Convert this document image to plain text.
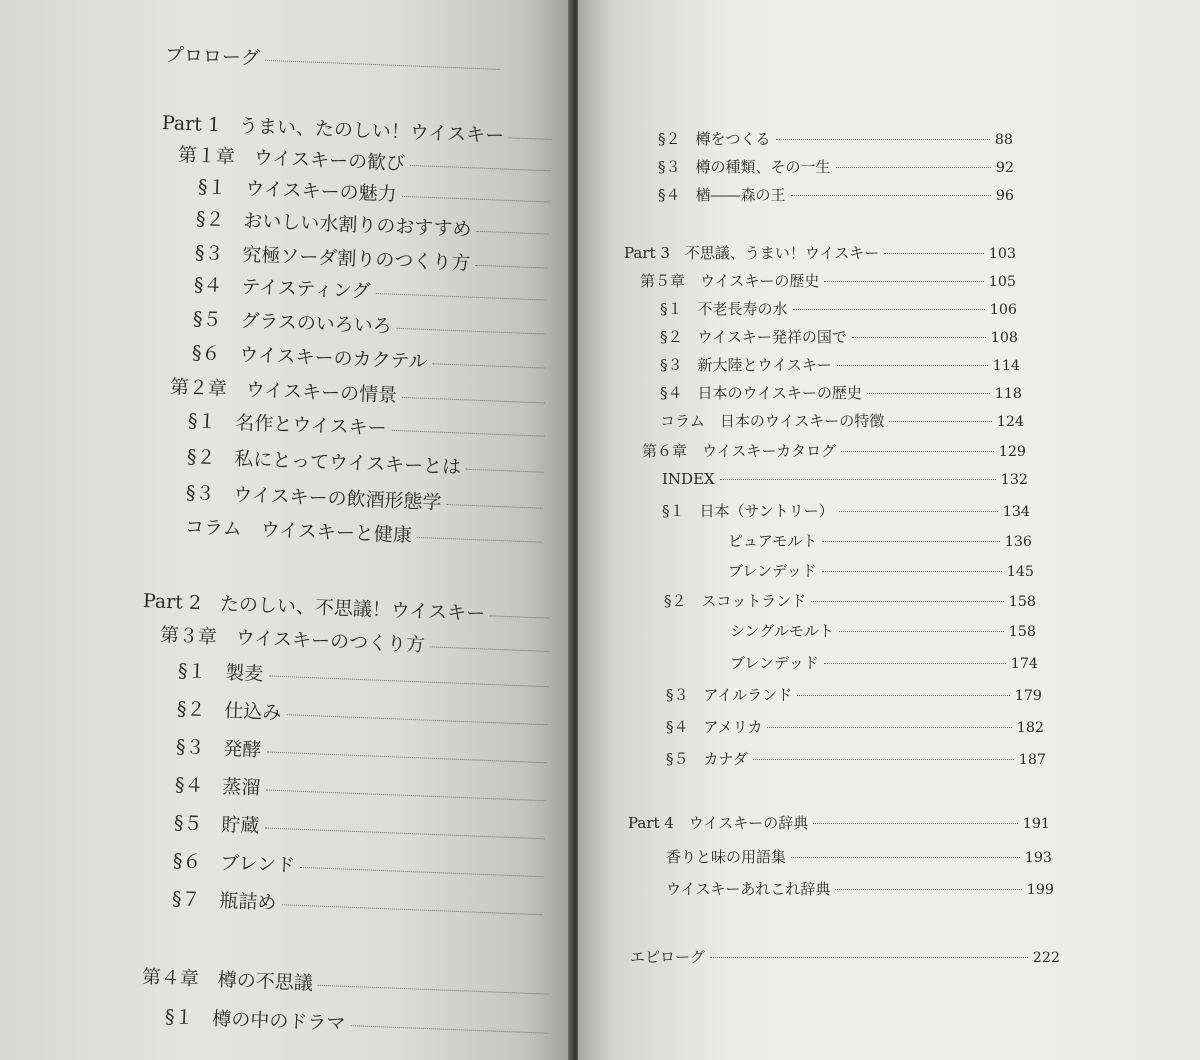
プロローグ
Part 1　うまい、たのしい！ウイスキー
第１章　ウイスキーの歓び
§１　ウイスキーの魅力
§２　おいしい水割りのおすすめ
§３　究極ソーダ割りのつくり方
§４　テイスティング
§５　グラスのいろいろ
§６　ウイスキーのカクテル
第２章　ウイスキーの情景
§１　名作とウイスキー
§２　私にとってウイスキーとは
§３　ウイスキーの飲酒形態学
コラム　ウイスキーと健康
Part 2　たのしい、不思議！ウイスキー
第３章　ウイスキーのつくり方
§１　製麦
§２　仕込み
§３　発酵
§４　蒸溜
§５　貯蔵
§６　ブレンド
§７　瓶詰め
第４章　樽の不思議
§１　樽の中のドラマ
§２　樽をつくる	88
§３　樽の種類、その一生	92
§４　楢――森の王	96
Part 3　不思議、うまい！ウイスキー	103
第５章　ウイスキーの歴史	105
§１　不老長寿の水	106
§２　ウイスキー発祥の国で	108
§３　新大陸とウイスキー	114
§４　日本のウイスキーの歴史	118
コラム　日本のウイスキーの特徴	124
第６章　ウイスキーカタログ	129
INDEX	132
§１　日本（サントリー）	134
ピュアモルト	136
ブレンデッド	145
§２　スコットランド	158
シングルモルト	158
ブレンデッド	174
§３　アイルランド	179
§４　アメリカ	182
§５　カナダ	187
Part 4　ウイスキーの辞典	191
香りと味の用語集	193
ウイスキーあれこれ辞典	199
エピローグ	222
